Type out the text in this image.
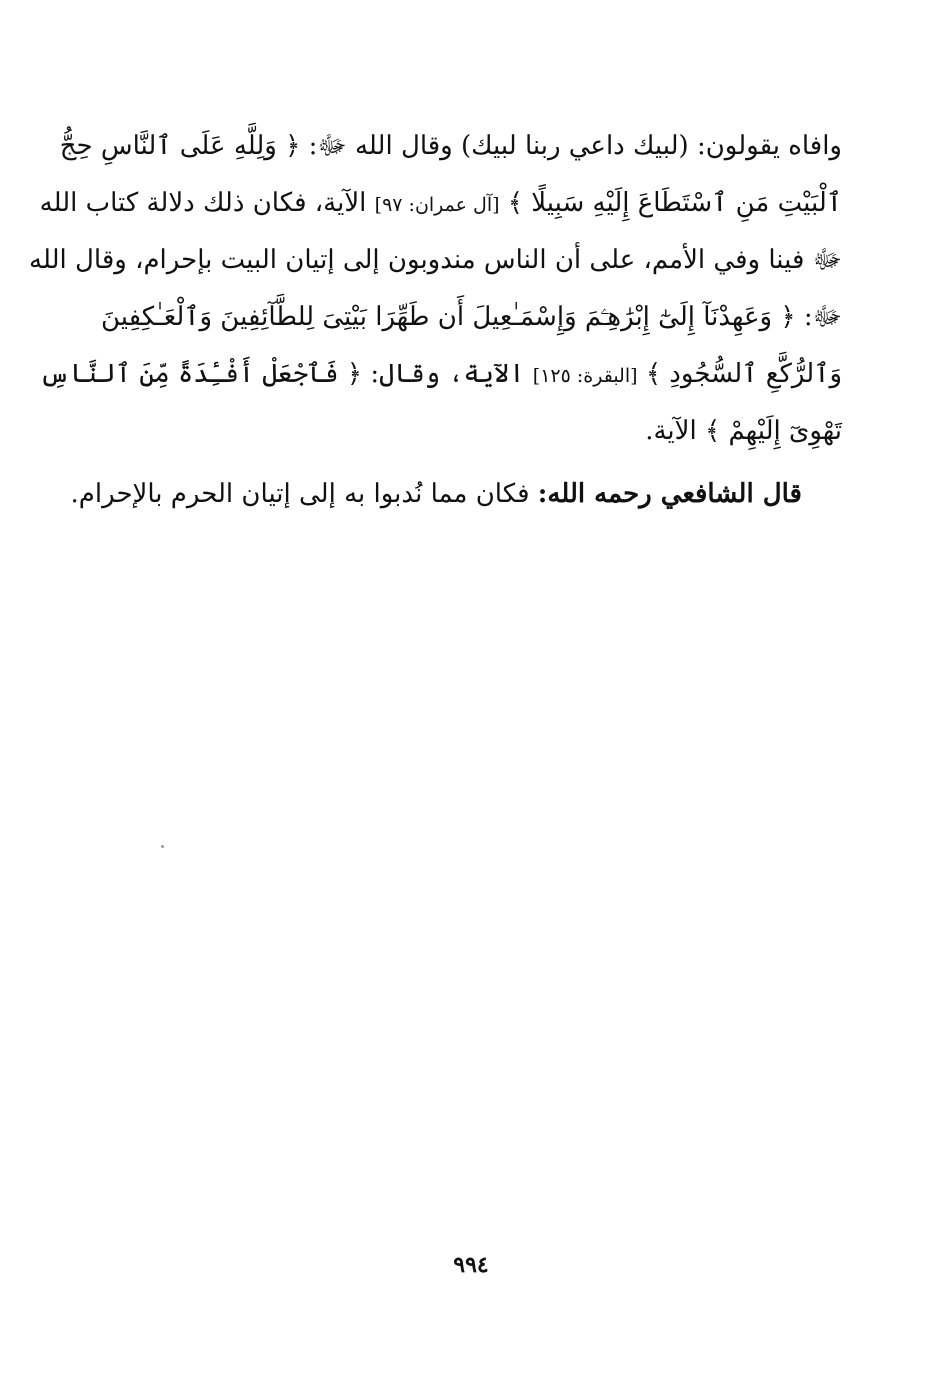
وافاه يقولون: (لبيك داعي ربنا لبيك) وقال الله ﷻ: ﴿ وَلِلَّهِ عَلَى ٱلنَّاسِ حِجُّ
ٱلْبَيْتِ مَنِ ٱسْتَطَاعَ إِلَيْهِ سَبِيلًا ﴾ [آل عمران: ٩٧] الآية، فكان ذلك دلالة كتاب الله
ﷻ فينا وفي الأمم، على أن الناس مندوبون إلى إتيان البيت بإحرام، وقال الله
ﷻ: ﴿ وَعَهِدْنَآ إِلَىٰٓ إِبْرَٰهِـۧمَ وَإِسْمَـٰعِيلَ أَن طَهِّرَا بَيْتِىَ لِلطَّآئِفِينَ وَٱلْعَـٰكِفِينَ
وَٱلرُّكَّعِ ٱلسُّجُودِ ﴾ [البقرة: ١٢٥] الآية، وقال: ﴿ فَٱجْعَلْ أَفْـِٔدَةً مِّنَ ٱلنَّاسِ
تَهْوِىٓ إِلَيْهِمْ ﴾ الآية.
قال الشافعي رحمه الله: فكان مما نُدبوا به إلى إتيان الحرم بالإحرام.
٩٩٤
